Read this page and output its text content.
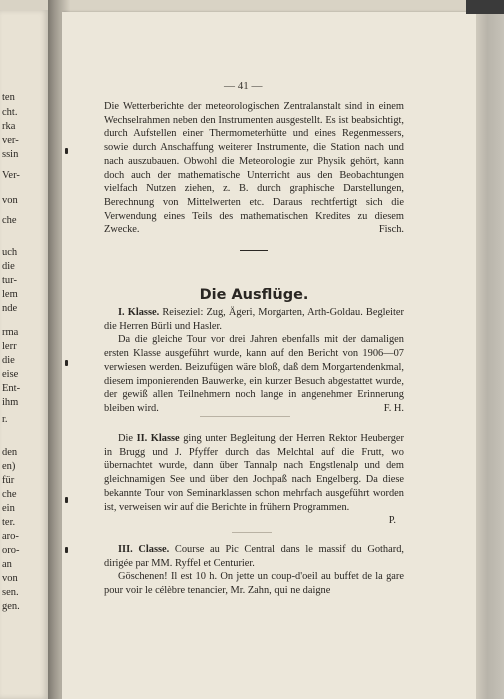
ten
cht.
rka
ver-
ssin
Ver-
von
che
uch
die
tur-
lem
nde
rma
lerr
die
eise
Ent-
ihm
r.
den
en)
für
che
ein
ter.
aro-
oro-
an
von
sen.
gen.
— 41 —

Die Wetterberichte der meteorologischen Zentralanstalt sind in einem Wechselrahmen neben den Instrumenten ausgestellt. Es ist beabsichtigt, durch Aufstellen einer Thermometerhütte und eines Regenmessers, sowie durch Anschaffung weiterer Instrumente, die Station nach und nach auszubauen. Obwohl die Meteorologie zur Physik gehört, kann doch auch der mathematische Unterricht aus den Beobachtungen vielfach Nutzen ziehen, z. B. durch graphische Darstellungen, Berechnung von Mittelwerten etc. Daraus rechtfertigt sich die Verwendung eines Teils des mathematischen Kredites zu diesem Zwecke.	Fisch.

Die Ausflüge.

I. Klasse. Reiseziel: Zug, Ägeri, Morgarten, Arth-Goldau. Begleiter die Herren Bürli und Hasler.

Da die gleiche Tour vor drei Jahren ebenfalls mit der damaligen ersten Klasse ausgeführt wurde, kann auf den Bericht von 1906—07 verwiesen werden. Beizufügen wäre bloß, daß dem Morgartendenkmal, diesem imponierenden Bauwerke, ein kurzer Besuch abgestattet wurde, der gewiß allen Teilnehmern noch lange in angenehmer Erinnerung bleiben wird.	F. H.

Die II. Klasse ging unter Begleitung der Herren Rektor Heuberger in Brugg und J. Pfyffer durch das Melchtal auf die Frutt, wo übernachtet wurde, dann über Tannalp nach Engstlenalp und dem gleichnamigen See und über den Jochpaß nach Engelberg. Da diese bekannte Tour von Seminarklassen schon mehrfach ausgeführt worden ist, verweisen wir auf die Berichte in frühern Programmen.

P.

III. Classe. Course au Pic Central dans le massif du Gothard, dirigée par MM. Ryffel et Centurier.

Göschenen! Il est 10 h. On jette un coup-d'oeil au buffet de la gare pour voir le célèbre tenancier, Mr. Zahn, qui ne daigne
